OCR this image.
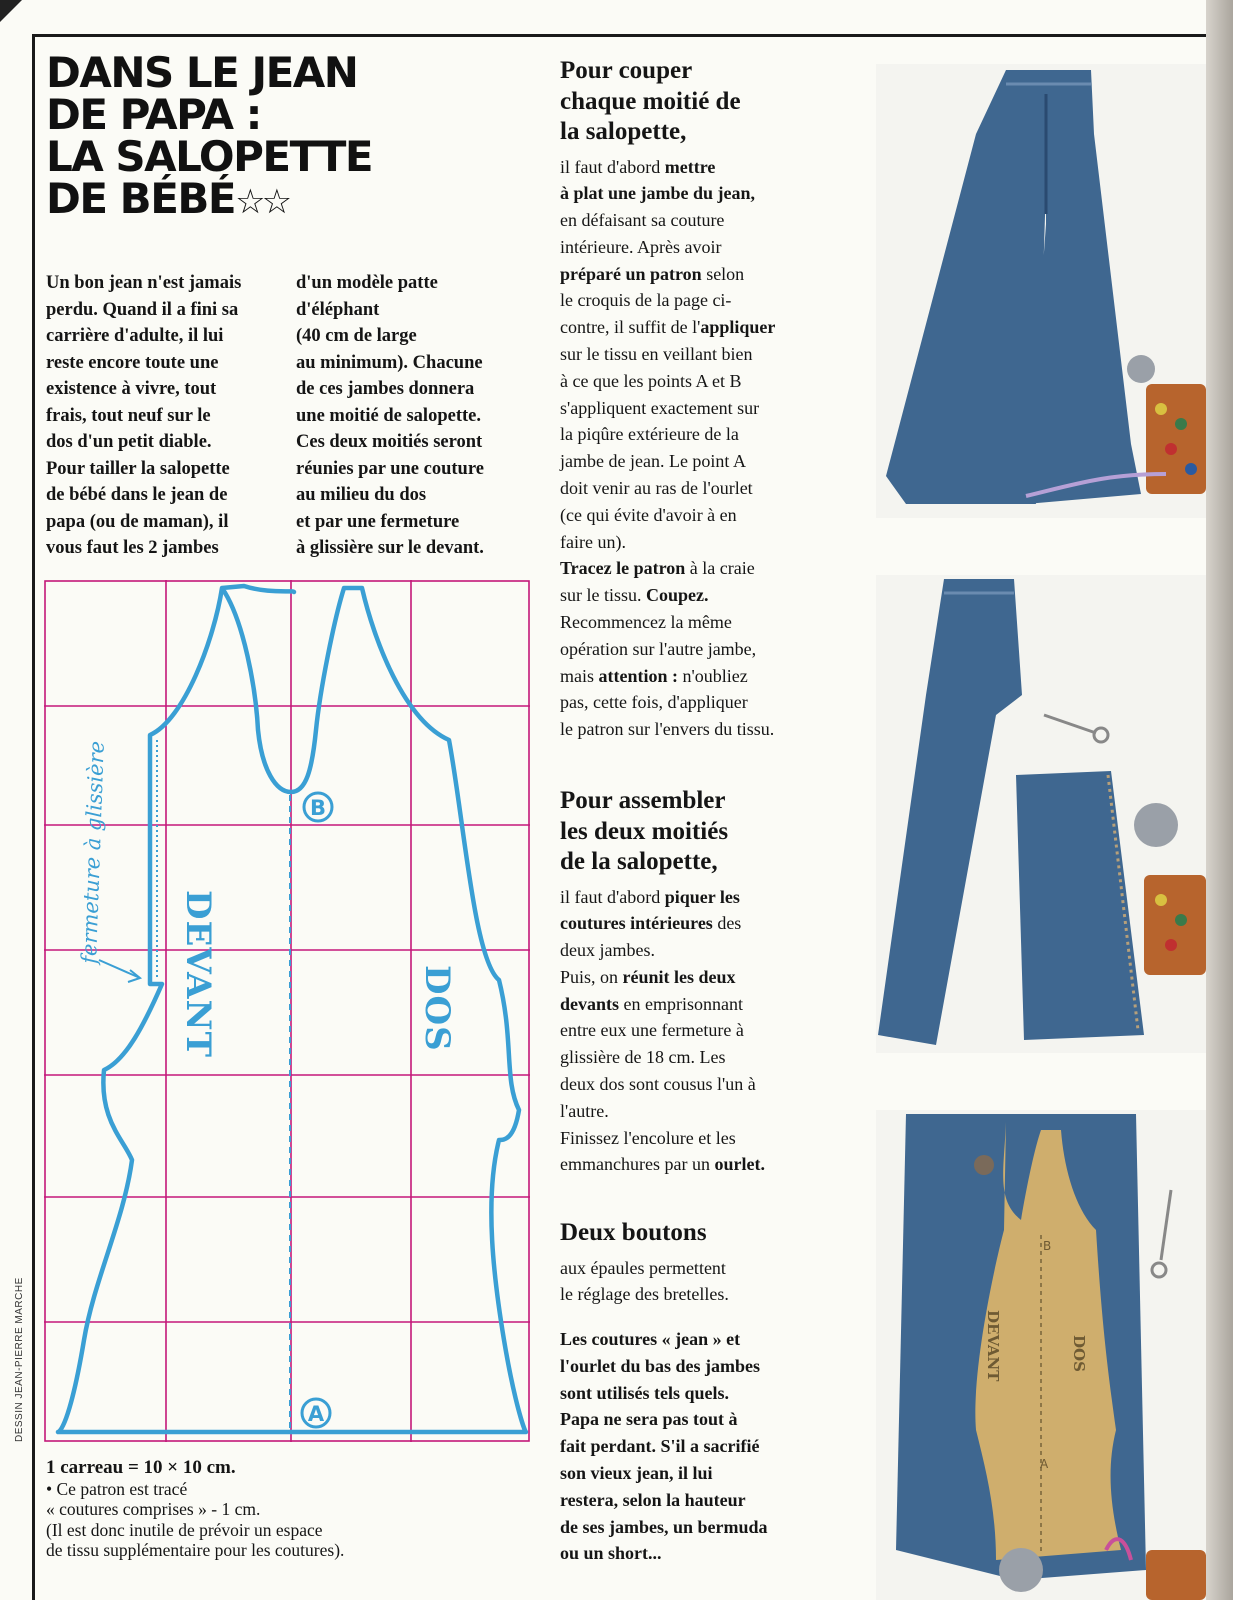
DANS LE JEAN
DE PAPA :
LA SALOPETTE
DE BÉBÉ☆☆
Un bon jean n'est jamais
perdu. Quand il a fini sa
carrière d'adulte, il lui
reste encore toute une
existence à vivre, tout
frais, tout neuf sur le
dos d'un petit diable.
Pour tailler la salopette
de bébé dans le jean de
papa (ou de maman), il
vous faut les 2 jambes
d'un modèle patte
d'éléphant
(40 cm de large
au minimum). Chacune
de ces jambes donnera
une moitié de salopette.
Ces deux moitiés seront
réunies par une couture
au milieu du dos
et par une fermeture
à glissière sur le devant.
fermeture à glissière
DEVANT	DOS
B
A
DESSIN JEAN-PIERRE MARCHE

1 carreau = 10 × 10 cm.

• Ce patron est tracé

« coutures comprises » - 1 cm.

(Il est donc inutile de prévoir un espace

de tissu supplémentaire pour les coutures).

Pour couper
chaque moitié de
la salopette,

il faut d'abord mettre
à plat une jambe du jean,
en défaisant sa couture
intérieure. Après avoir
préparé un patron selon
le croquis de la page ci-
contre, il suffit de l'appliquer
sur le tissu en veillant bien
à ce que les points A et B
s'appliquent exactement sur
la piqûre extérieure de la
jambe de jean. Le point A
doit venir au ras de l'ourlet
(ce qui évite d'avoir à en
faire un).
Tracez le patron à la craie
sur le tissu. Coupez.
Recommencez la même
opération sur l'autre jambe,
mais attention : n'oubliez
pas, cette fois, d'appliquer
le patron sur l'envers du tissu.

Pour assembler
les deux moitiés
de la salopette,

il faut d'abord piquer les
coutures intérieures des
deux jambes.
Puis, on réunit les deux
devants en emprisonnant
entre eux une fermeture à
glissière de 18 cm. Les
deux dos sont cousus l'un à
l'autre.
Finissez l'encolure et les
emmanchures par un ourlet.

Deux boutons

aux épaules permettent
le réglage des bretelles.

Les coutures « jean » et
l'ourlet du bas des jambes
sont utilisés tels quels.
Papa ne sera pas tout à
fait perdant. S'il a sacrifié
son vieux jean, il lui
restera, selon la hauteur
de ses jambes, un bermuda
ou un short...

DEVANT	DOS
B
A
